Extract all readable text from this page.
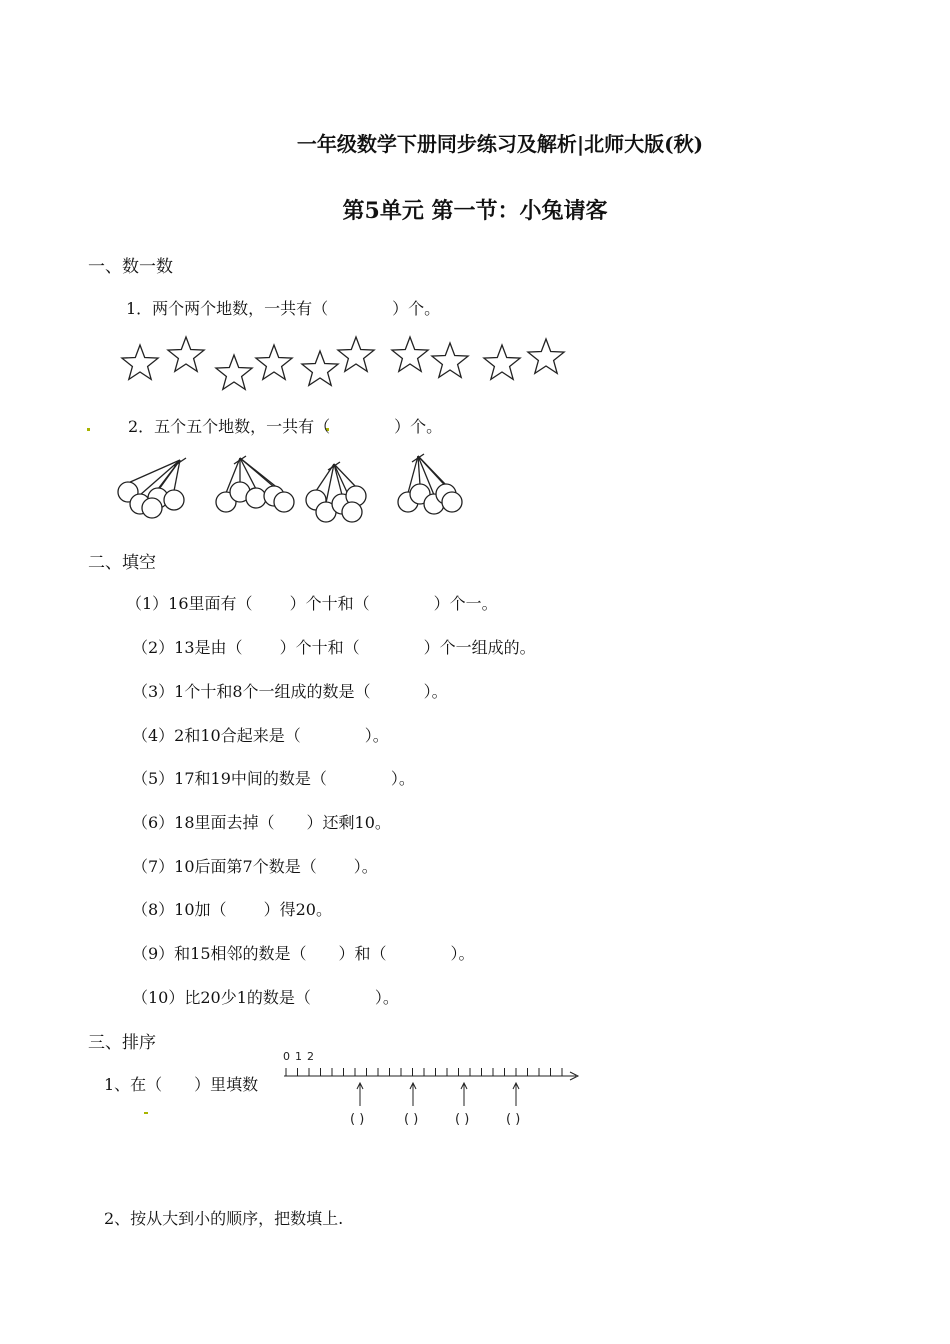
一年级数学下册同步练习及解析|北师大版(秋)
第5单元 第一节：小兔请客
一、数一数
1．两个两个地数，一共有（　　　　）个。
2．五个五个地数，一共有（　　　　）个。
二、填空
（1）16里面有（　　 ）个十和（　　　　）个一。
（2）13是由（　　 ）个十和（　　　　）个一组成的。
（3）1个十和8个一组成的数是（　　　 ）。
（4）2和10合起来是（　　　　）。
（5）17和19中间的数是（　　　　）。
（6）18里面去掉（　　）还剩10。
（7）10后面第7个数是（　　 ）。
（8）10加（　　 ）得20。
（9）和15相邻的数是（　　）和（　　　　）。
（10）比20少1的数是（　　　　）。
三、排序
1、在（　　）里填数
0 1 2
( )	( )	( )	( )
2、按从大到小的顺序，把数填上.
